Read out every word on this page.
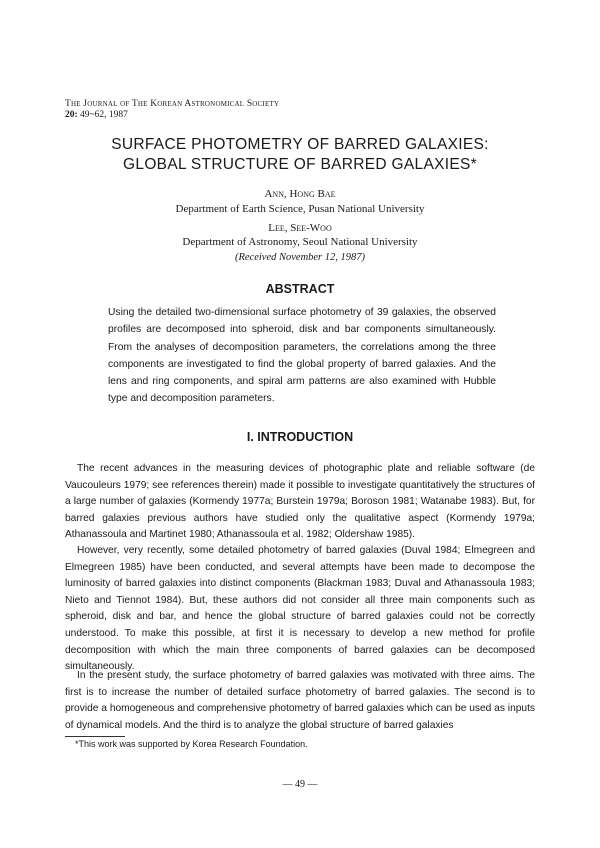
The Journal of The Korean Astronomical Society
20: 49~62, 1987
SURFACE PHOTOMETRY OF BARRED GALAXIES:
GLOBAL STRUCTURE OF BARRED GALAXIES*
Ann, Hong Bae
Department of Earth Science, Pusan National University
Lee, See-Woo
Department of Astronomy, Seoul National University
(Received November 12, 1987)
ABSTRACT
Using the detailed two-dimensional surface photometry of 39 galaxies, the observed profiles are decomposed into spheroid, disk and bar components simultaneously. From the analyses of decomposition parameters, the correlations among the three components are investigated to find the global property of barred galaxies. And the lens and ring components, and spiral arm patterns are also examined with Hubble type and decomposition parameters.
I. INTRODUCTION
The recent advances in the measuring devices of photographic plate and reliable software (de Vaucouleurs 1979; see references therein) made it possible to investigate quantitatively the structures of a large number of galaxies (Kormendy 1977a; Burstein 1979a; Boroson 1981; Watanabe 1983). But, for barred galaxies previous authors have studied only the qualitative aspect (Kormendy 1979a; Athanassoula and Martinet 1980; Athanassoula et al. 1982; Oldershaw 1985).
However, very recently, some detailed photometry of barred galaxies (Duval 1984; Elmegreen and Elmegreen 1985) have been conducted, and several attempts have been made to decompose the luminosity of barred galaxies into distinct components (Blackman 1983; Duval and Athanassoula 1983; Nieto and Tiennot 1984). But, these authors did not consider all three main components such as spheroid, disk and bar, and hence the global structure of barred galaxies could not be correctly understood. To make this possible, at first it is necessary to develop a new method for profile decomposition with which the main three components of barred galaxies can be decomposed simultaneously.
In the present study, the surface photometry of barred galaxies was motivated with three aims. The first is to increase the number of detailed surface photometry of barred galaxies. The second is to provide a homogeneous and comprehensive photometry of barred galaxies which can be used as inputs of dynamical models. And the third is to analyze the global structure of barred galaxies
*This work was supported by Korea Research Foundation.
— 49 —
